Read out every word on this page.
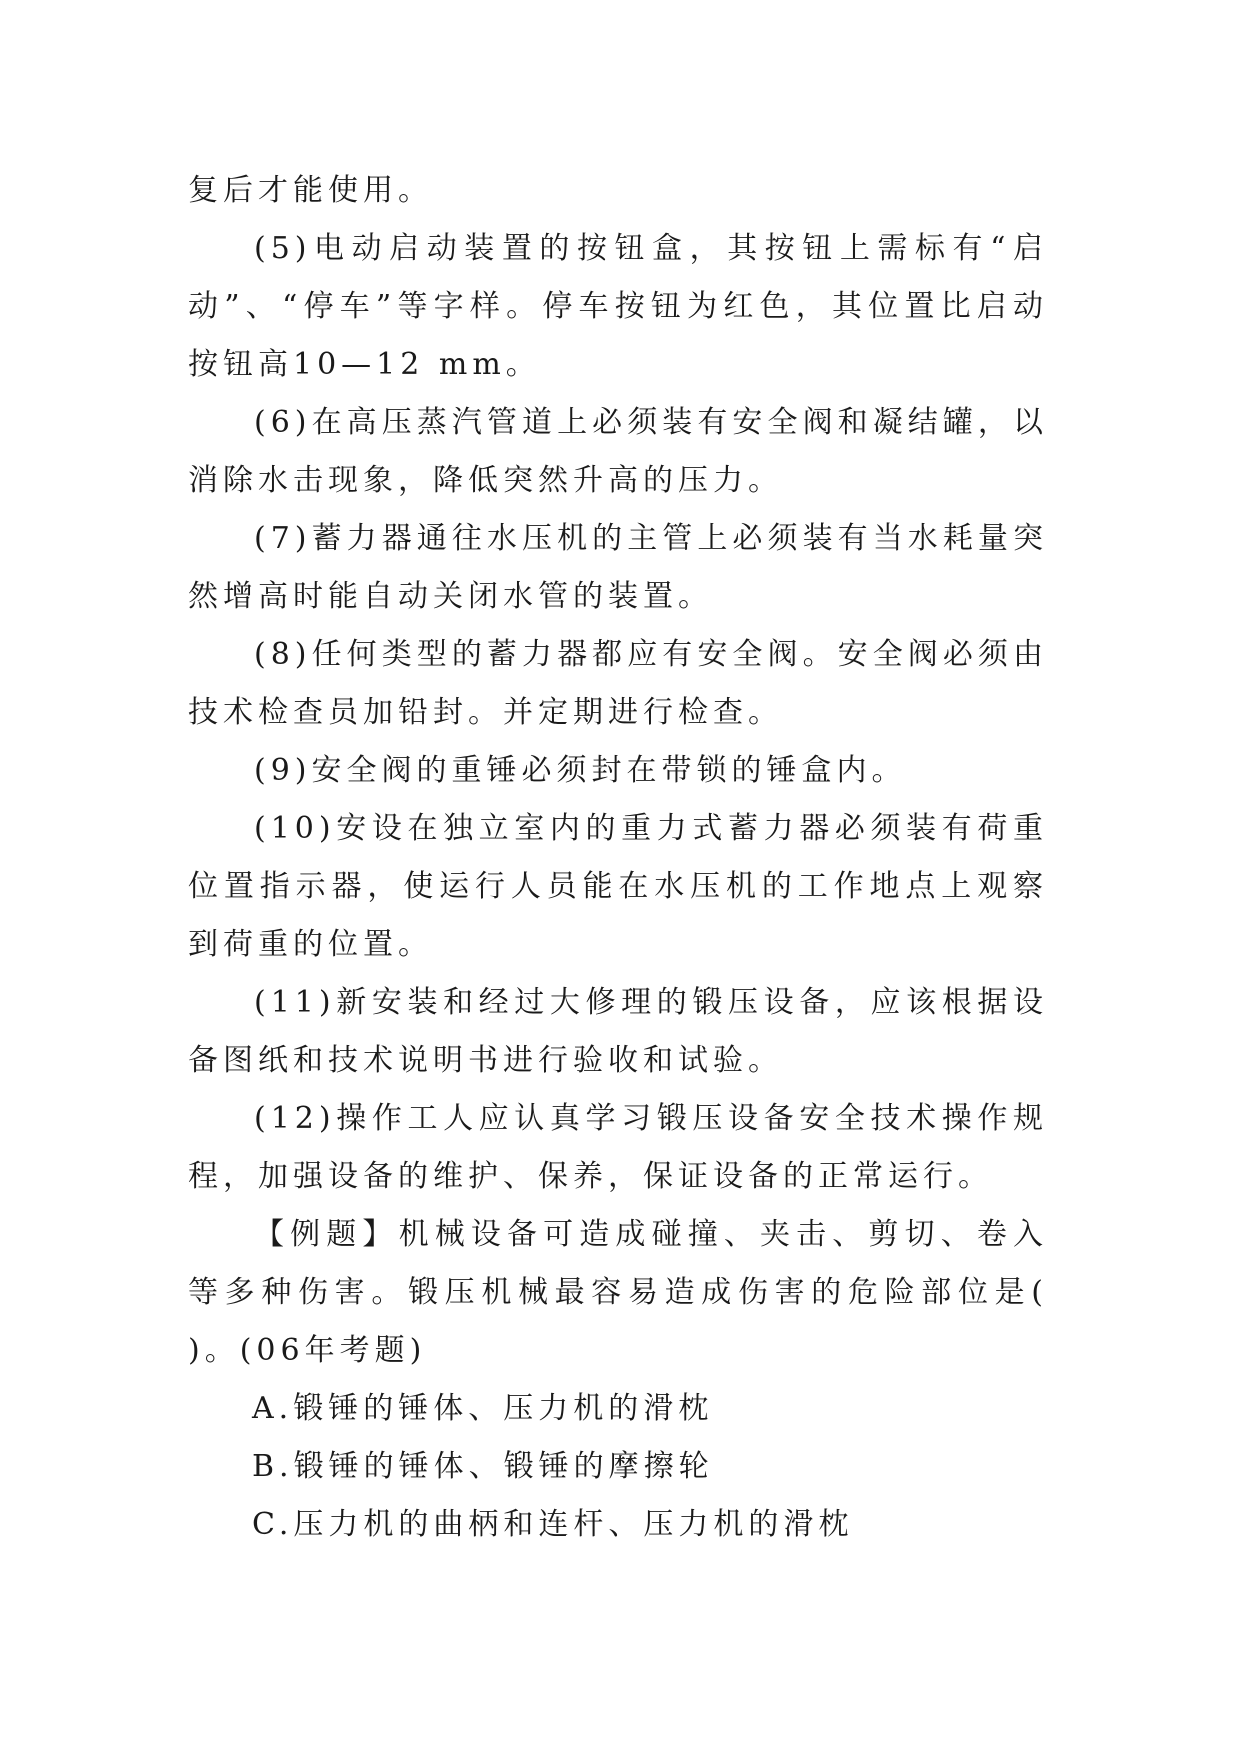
复后才能使用。

(5)电动启动装置的按钮盒，其按钮上需标有“启动”、“停车”等字样。停车按钮为红色，其位置比启动按钮高10—12 mm。

(6)在高压蒸汽管道上必须装有安全阀和凝结罐，以消除水击现象，降低突然升高的压力。

(7)蓄力器通往水压机的主管上必须装有当水耗量突然增高时能自动关闭水管的装置。

(8)任何类型的蓄力器都应有安全阀。安全阀必须由技术检查员加铅封。并定期进行检查。

(9)安全阀的重锤必须封在带锁的锤盒内。

(10)安设在独立室内的重力式蓄力器必须装有荷重位置指示器，使运行人员能在水压机的工作地点上观察到荷重的位置。

(11)新安装和经过大修理的锻压设备，应该根据设备图纸和技术说明书进行验收和试验。

(12)操作工人应认真学习锻压设备安全技术操作规程，加强设备的维护、保养，保证设备的正常运行。

【例题】机械设备可造成碰撞、夹击、剪切、卷入等多种伤害。锻压机械最容易造成伤害的危险部位是( )。(06年考题)

A.锻锤的锤体、压力机的滑枕

B.锻锤的锤体、锻锤的摩擦轮

C.压力机的曲柄和连杆、压力机的滑枕
